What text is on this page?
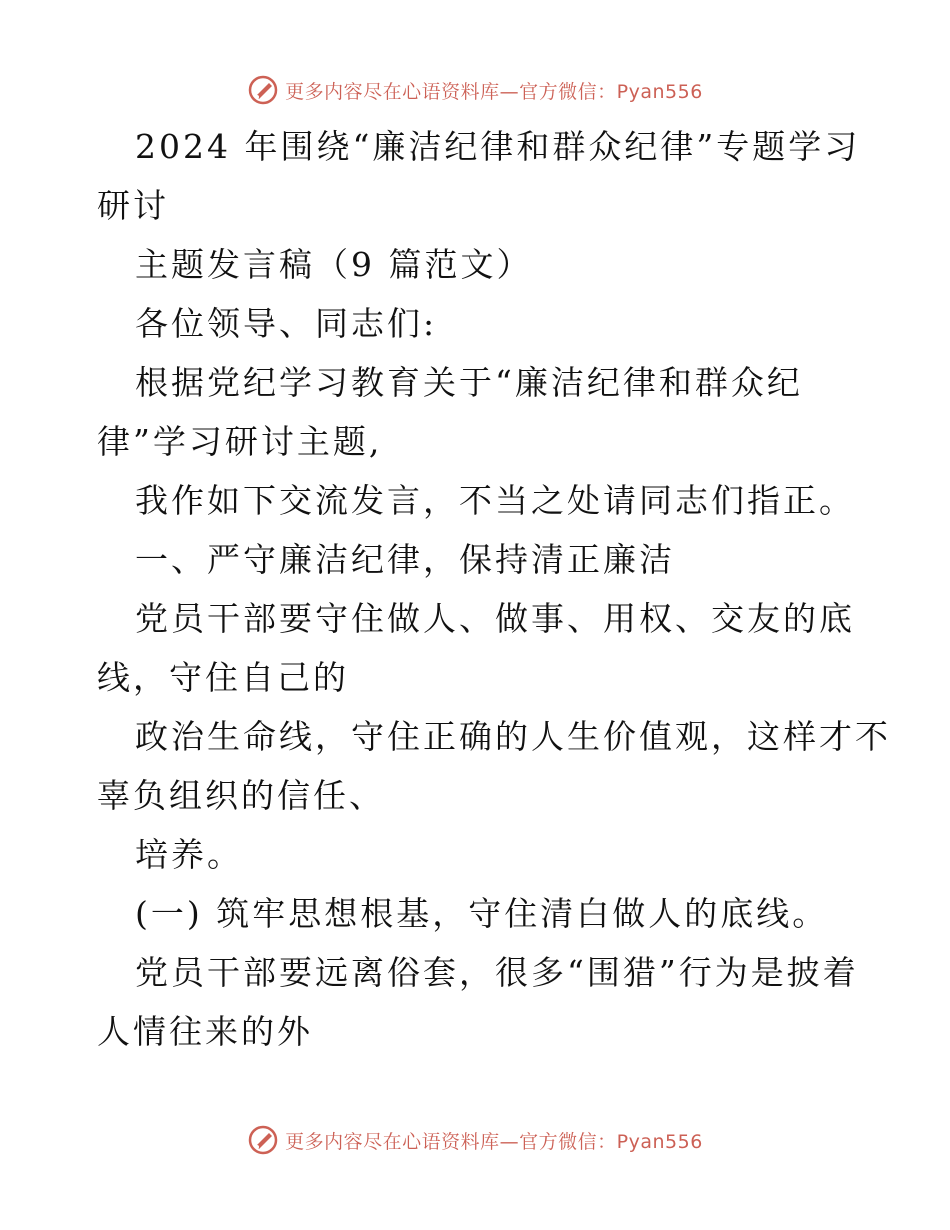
更多内容尽在心语资料库—官方微信：Pyan556
2024 年围绕“廉洁纪律和群众纪律”专题学习
研讨
主题发言稿（9 篇范文）
各位领导、同志们:
根据党纪学习教育关于“廉洁纪律和群众纪
律”学习研讨主题,
我作如下交流发言，不当之处请同志们指正。
一、严守廉洁纪律，保持清正廉洁
党员干部要守住做人、做事、用权、交友的底
线，守住自己的
政治生命线，守住正确的人生价值观，这样才不
辜负组织的信任、
培养。
(一) 筑牢思想根基，守住清白做人的底线。
党员干部要远离俗套，很多“围猎”行为是披着
人情往来的外
更多内容尽在心语资料库—官方微信：Pyan556
